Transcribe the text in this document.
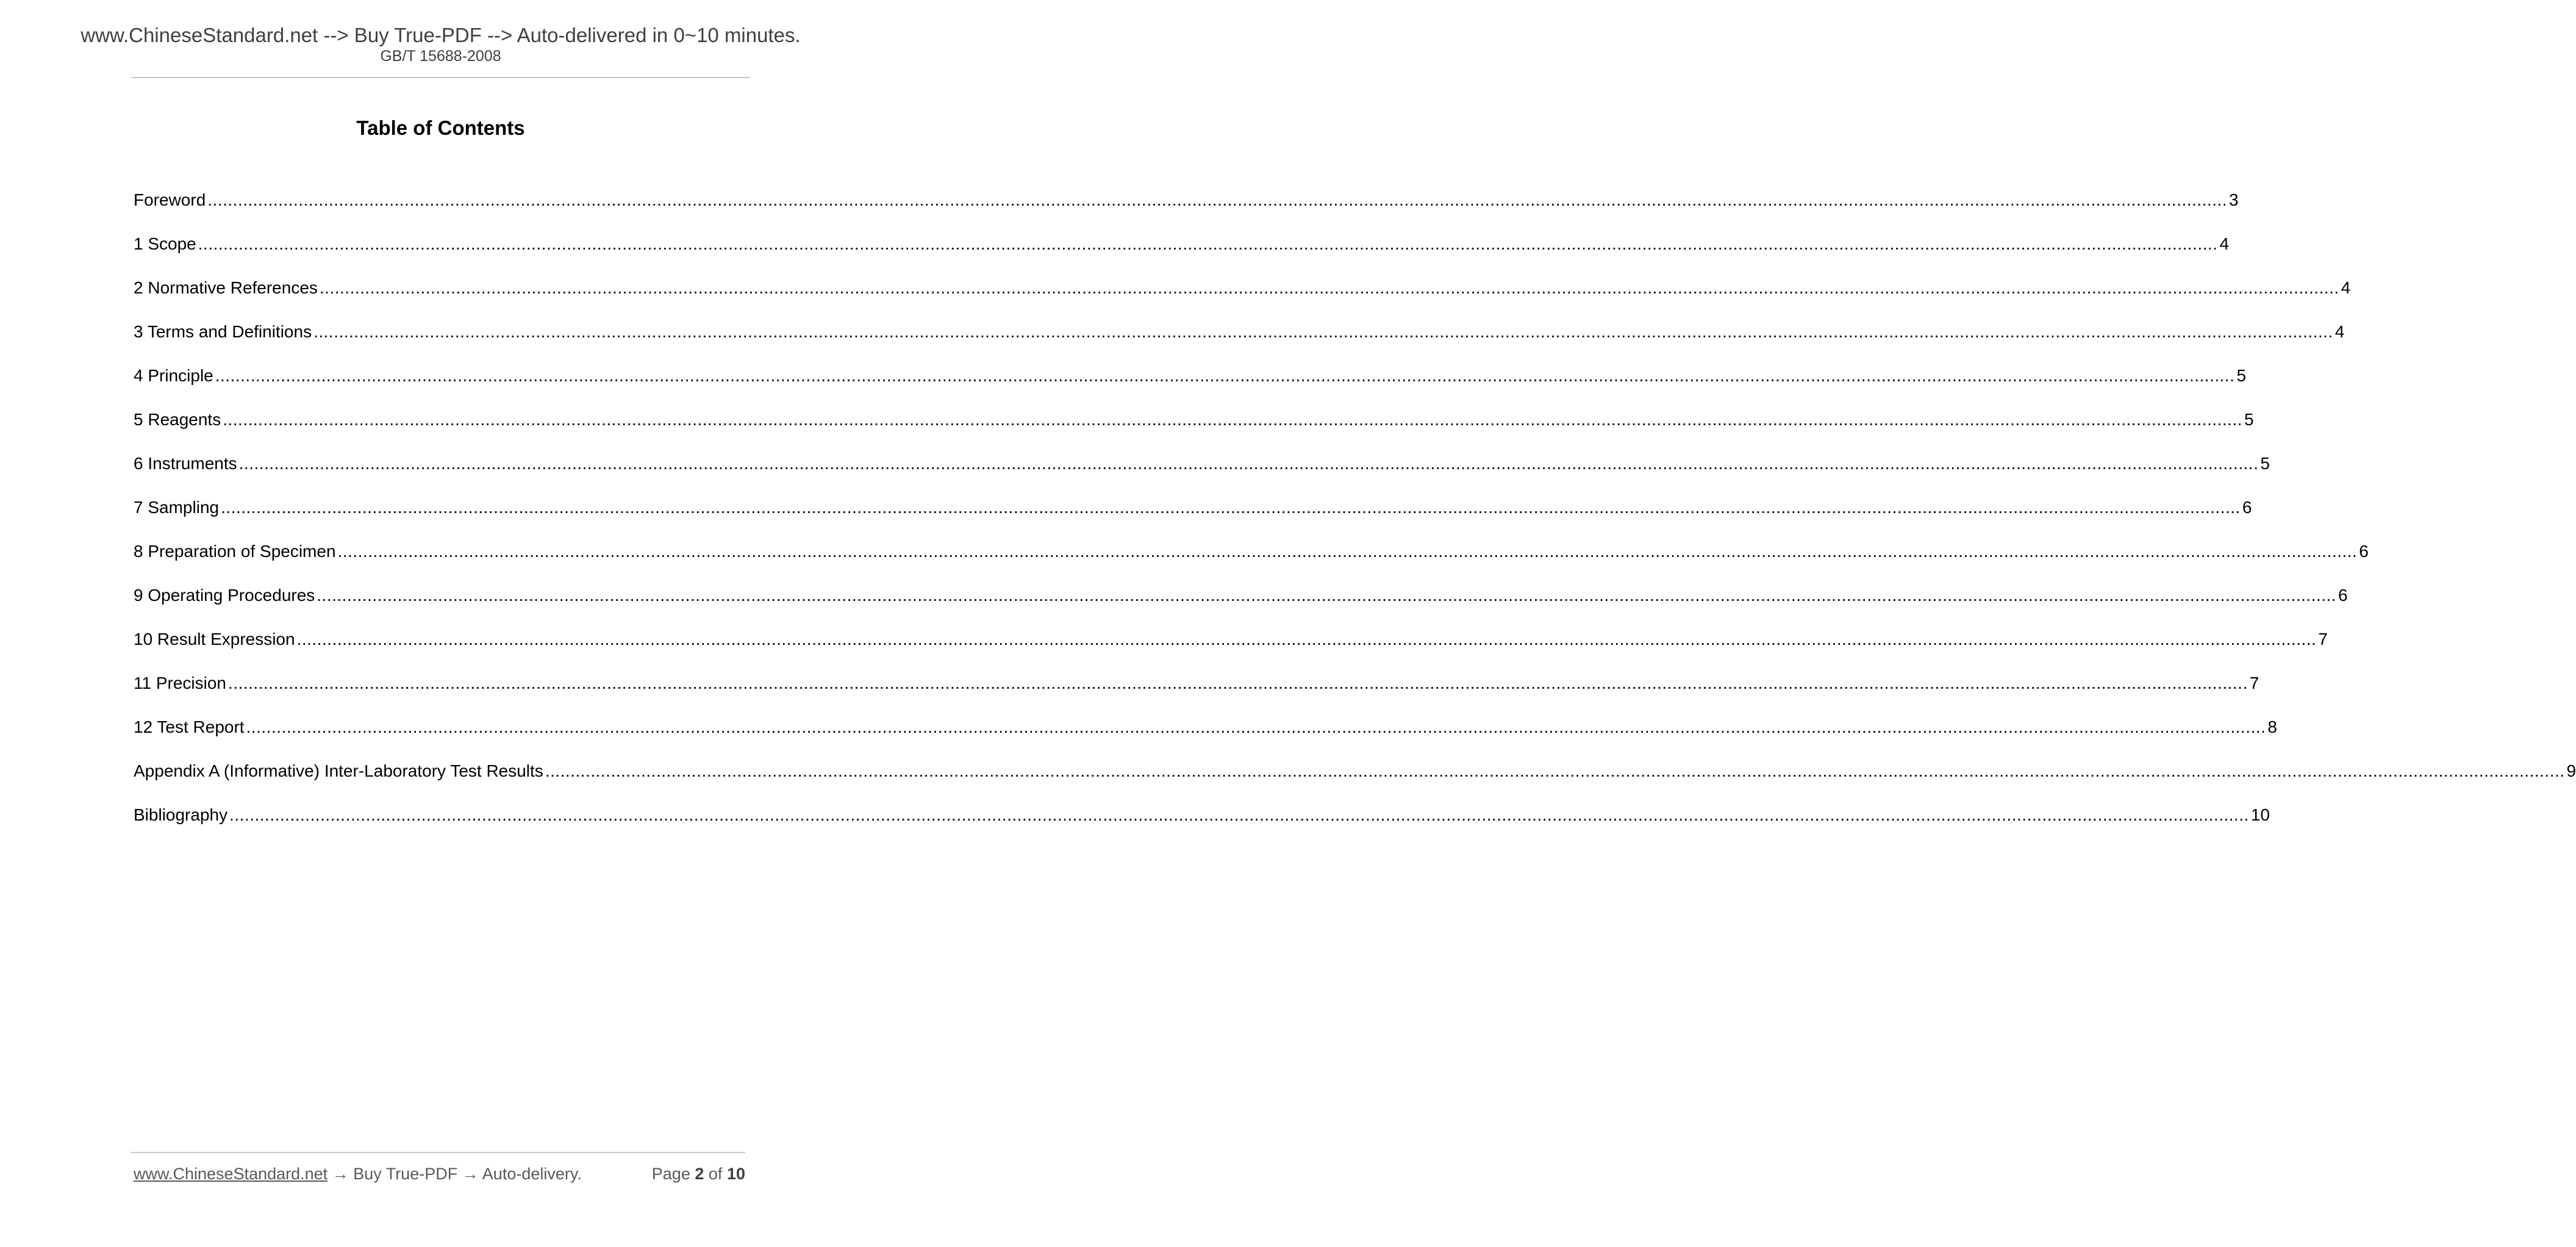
www.ChineseStandard.net --> Buy True-PDF --> Auto-delivered in 0~10 minutes.
GB/T 15688-2008
Table of Contents
Foreword ................................................................................................................................................................................................................................................................................................................................................................................................................ 3
1 Scope ................................................................................................................................................................................................................................................................................................................................................................................................................ 4
2 Normative References ................................................................................................................................................................................................................................................................................................................................................................................................................ 4
3 Terms and Definitions ................................................................................................................................................................................................................................................................................................................................................................................................................ 4
4 Principle ................................................................................................................................................................................................................................................................................................................................................................................................................ 5
5 Reagents ................................................................................................................................................................................................................................................................................................................................................................................................................ 5
6 Instruments ................................................................................................................................................................................................................................................................................................................................................................................................................ 5
7 Sampling ................................................................................................................................................................................................................................................................................................................................................................................................................ 6
8 Preparation of Specimen ................................................................................................................................................................................................................................................................................................................................................................................................................ 6
9 Operating Procedures ................................................................................................................................................................................................................................................................................................................................................................................................................ 6
10 Result Expression ................................................................................................................................................................................................................................................................................................................................................................................................................ 7
11 Precision ................................................................................................................................................................................................................................................................................................................................................................................................................ 7
12 Test Report ................................................................................................................................................................................................................................................................................................................................................................................................................ 8
Appendix A (Informative) Inter-Laboratory Test Results ................................................................................................................................................................................................................................................................................................................................................................................................................ 9
Bibliography ................................................................................................................................................................................................................................................................................................................................................................................................................ 10
www.ChineseStandard.net → Buy True-PDF → Auto-delivery.	Page 2 of 10
